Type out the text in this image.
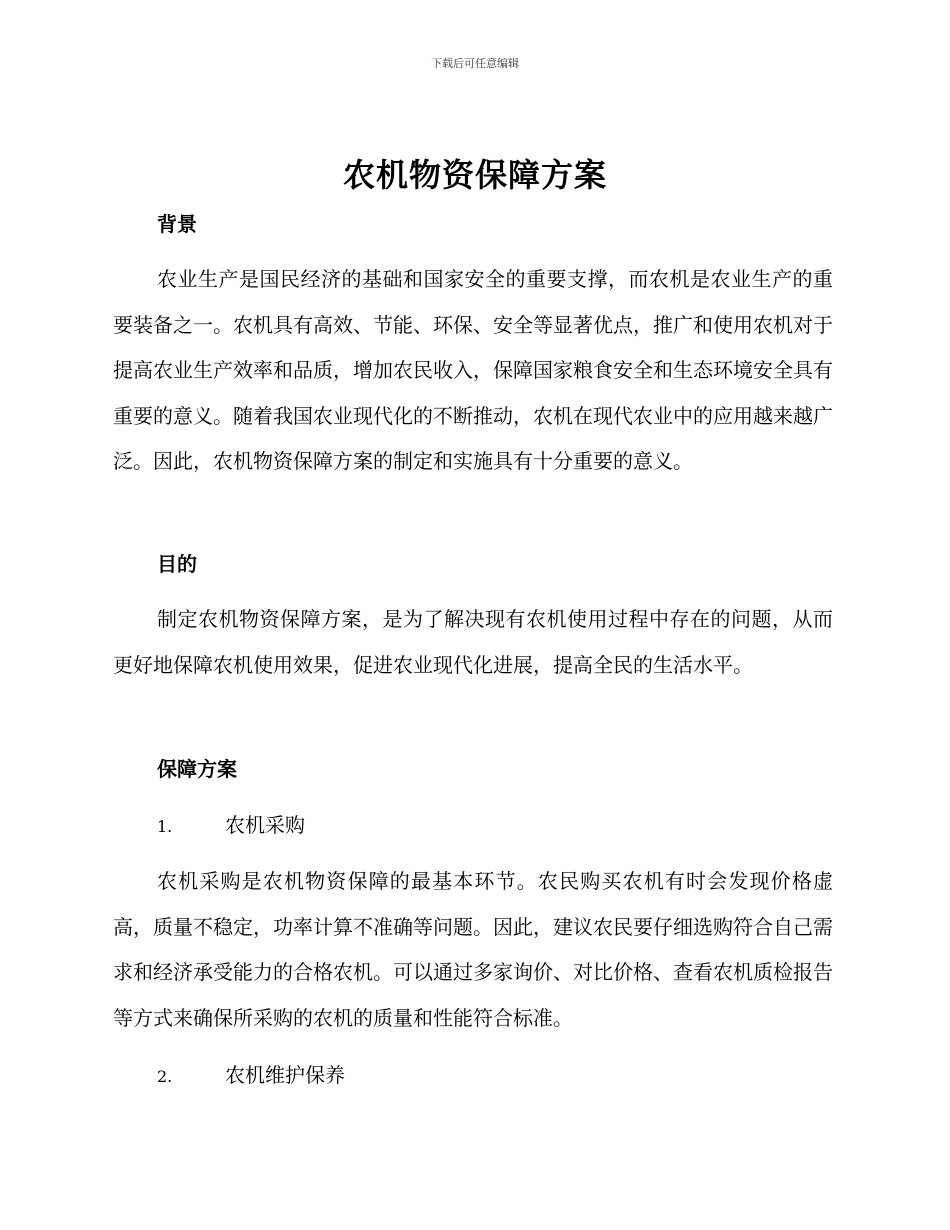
下载后可任意编辑
农机物资保障方案
背景

农业生产是国民经济的基础和国家安全的重要支撑，而农机是农业生产的重要装备之一。农机具有高效、节能、环保、安全等显著优点，推广和使用农机对于提高农业生产效率和品质，增加农民收入，保障国家粮食安全和生态环境安全具有重要的意义。随着我国农业现代化的不断推动，农机在现代农业中的应用越来越广泛。因此，农机物资保障方案的制定和实施具有十分重要的意义。

目的

制定农机物资保障方案，是为了解决现有农机使用过程中存在的问题，从而更好地保障农机使用效果，促进农业现代化进展，提高全民的生活水平。

保障方案
1.	农机采购

农机采购是农机物资保障的最基本环节。农民购买农机有时会发现价格虚高，质量不稳定，功率计算不准确等问题。因此，建议农民要仔细选购符合自己需求和经济承受能力的合格农机。可以通过多家询价、对比价格、查看农机质检报告等方式来确保所采购的农机的质量和性能符合标准。

2.	农机维护保养
